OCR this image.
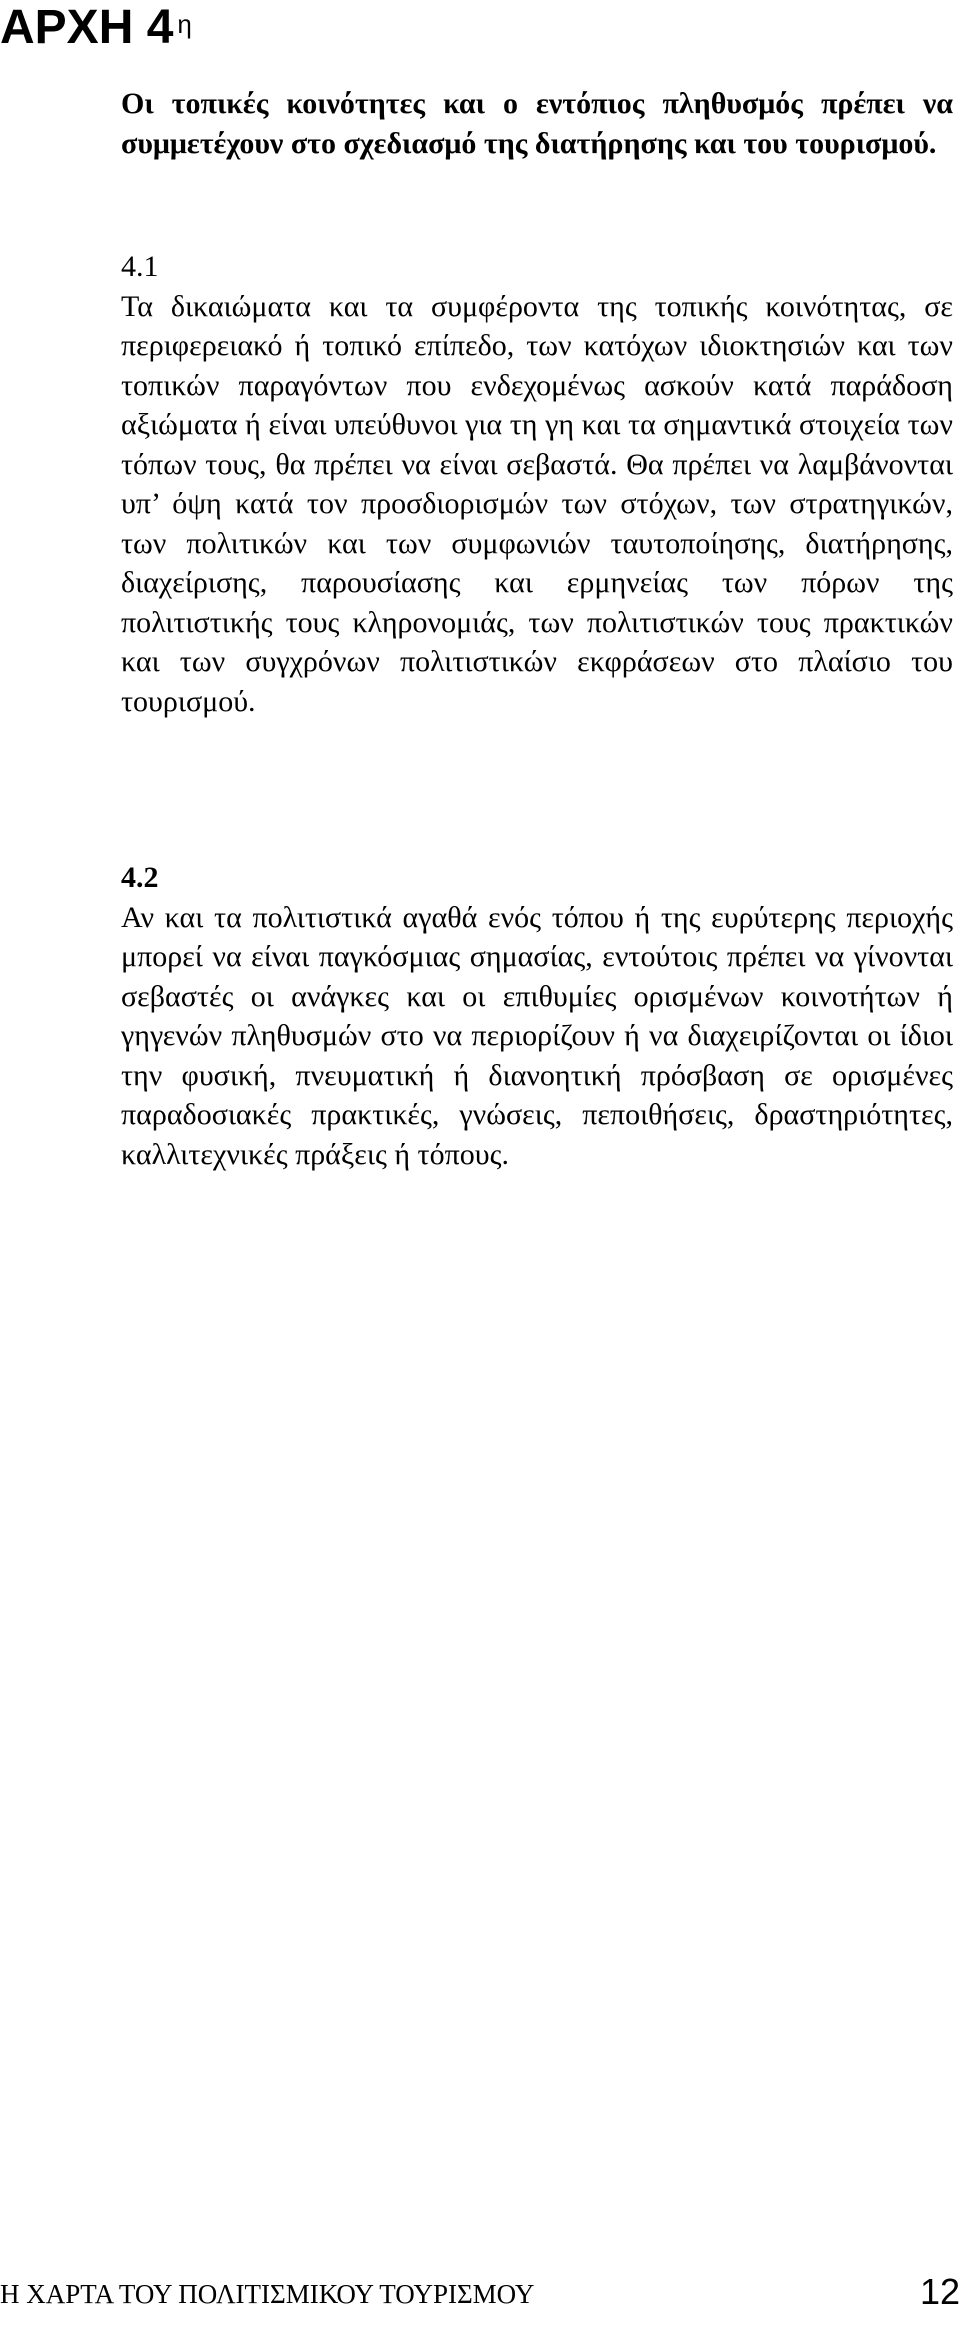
ΑΡΧΗ 4 $^\eta$

Οι τοπικές κοινότητες και ο εντόπιος πληθυσμός πρέπει να συμμετέχουν στο σχεδιασμό της διατήρησης και του τουρισμού.

4.1

Τα δικαιώματα και τα συμφέροντα της τοπικής κοινότητας, σε περιφερειακό ή τοπικό επίπεδο, των κατόχων ιδιοκτησιών και των τοπικών παραγόντων που ενδεχομένως ασκούν κατά παράδοση αξιώματα ή είναι υπεύθυνοι για τη γη και τα σημαντικά στοιχεία των τόπων τους, θα πρέπει να είναι σεβαστά. Θα πρέπει να λαμβάνονται υπ’ όψη κατά τον προσδιορισμών των στόχων, των στρατηγικών, των πολιτικών και των συμφωνιών ταυτοποίησης, διατήρησης, διαχείρισης, παρουσίασης και ερμηνείας των πόρων της πολιτιστικής τους κληρονομιάς, των πολιτιστικών τους πρακτικών και των συγχρόνων πολιτιστικών εκφράσεων στο πλαίσιο του τουρισμού.

4.2

Αν και τα πολιτιστικά αγαθά ενός τόπου ή της ευρύτερης περιοχής μπορεί να είναι παγκόσμιας σημασίας, εντούτοις πρέπει να γίνονται σεβαστές οι ανάγκες και οι επιθυμίες ορισμένων κοινοτήτων ή γηγενών πληθυσμών στο να περιορίζουν ή να διαχειρίζονται οι ίδιοι την φυσική, πνευματική ή διανοητική πρόσβαση σε ορισμένες παραδοσιακές πρακτικές, γνώσεις, πεποιθήσεις, δραστηριότητες, καλλιτεχνικές πράξεις ή τόπους.

Η ΧΑΡΤΑ ΤΟΥ ΠΟΛΙΤΙΣΜΙΚΟΥ ΤΟΥΡΙΣΜΟΥ	12
